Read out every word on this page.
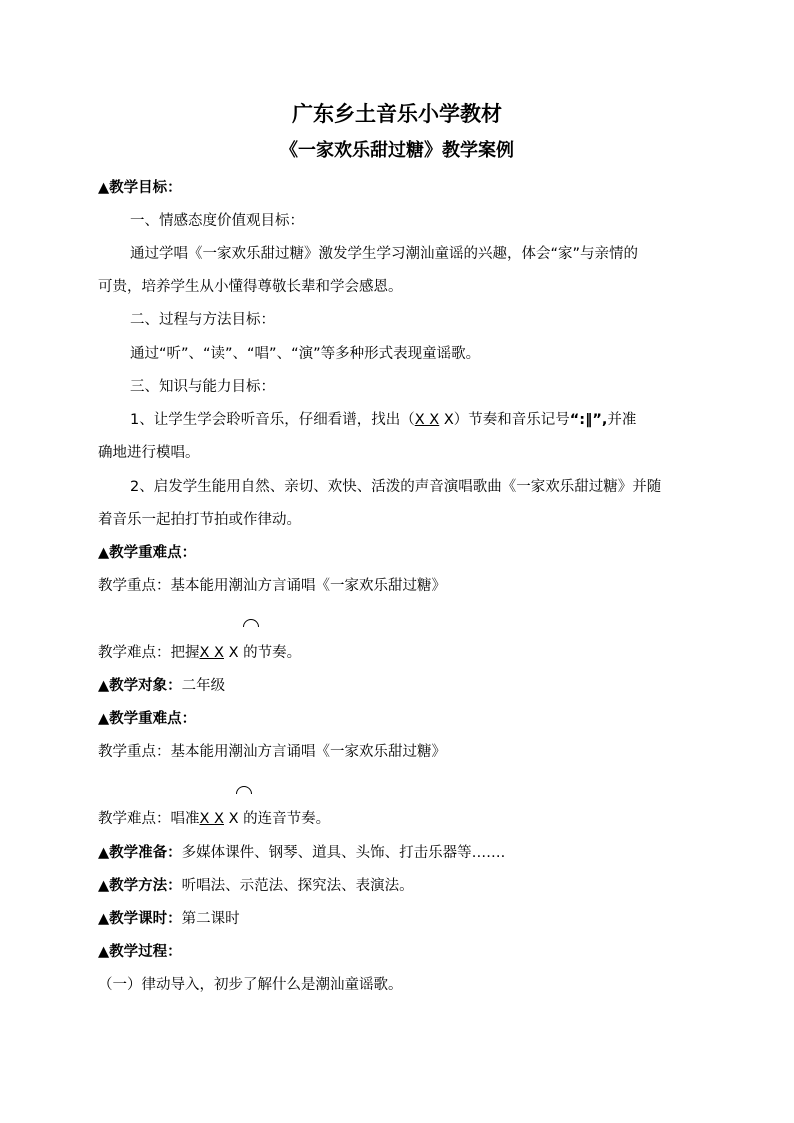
广东乡土音乐小学教材
《一家欢乐甜过糖》教学案例

▲教学目标：

一、情感态度价值观目标：

通过学唱《一家欢乐甜过糖》激发学生学习潮汕童谣的兴趣，体会“家”与亲情的

可贵，培养学生从小懂得尊敬长辈和学会感恩。

二、过程与方法目标：

通过“听”、“读”、“唱”、“演”等多种形式表现童谣歌。

三、知识与能力目标：

1、让学生学会聆听音乐，仔细看谱，找出（X X X）节奏和音乐记号“:‖”,并准

确地进行模唱。

2、启发学生能用自然、亲切、欢快、活泼的声音演唱歌曲《一家欢乐甜过糖》并随

着音乐一起拍打节拍或作律动。

▲教学重难点：

教学重点：基本能用潮汕方言诵唱《一家欢乐甜过糖》

教学难点：把握X X X 的节奏。

▲教学对象：二年级

▲教学重难点：

教学重点：基本能用潮汕方言诵唱《一家欢乐甜过糖》

教学难点：唱准X X X 的连音节奏。

▲教学准备：多媒体课件、钢琴、道具、头饰、打击乐器等…….

▲教学方法：听唱法、示范法、探究法、表演法。

▲教学课时：第二课时

▲教学过程：

（一）律动导入，初步了解什么是潮汕童谣歌。
